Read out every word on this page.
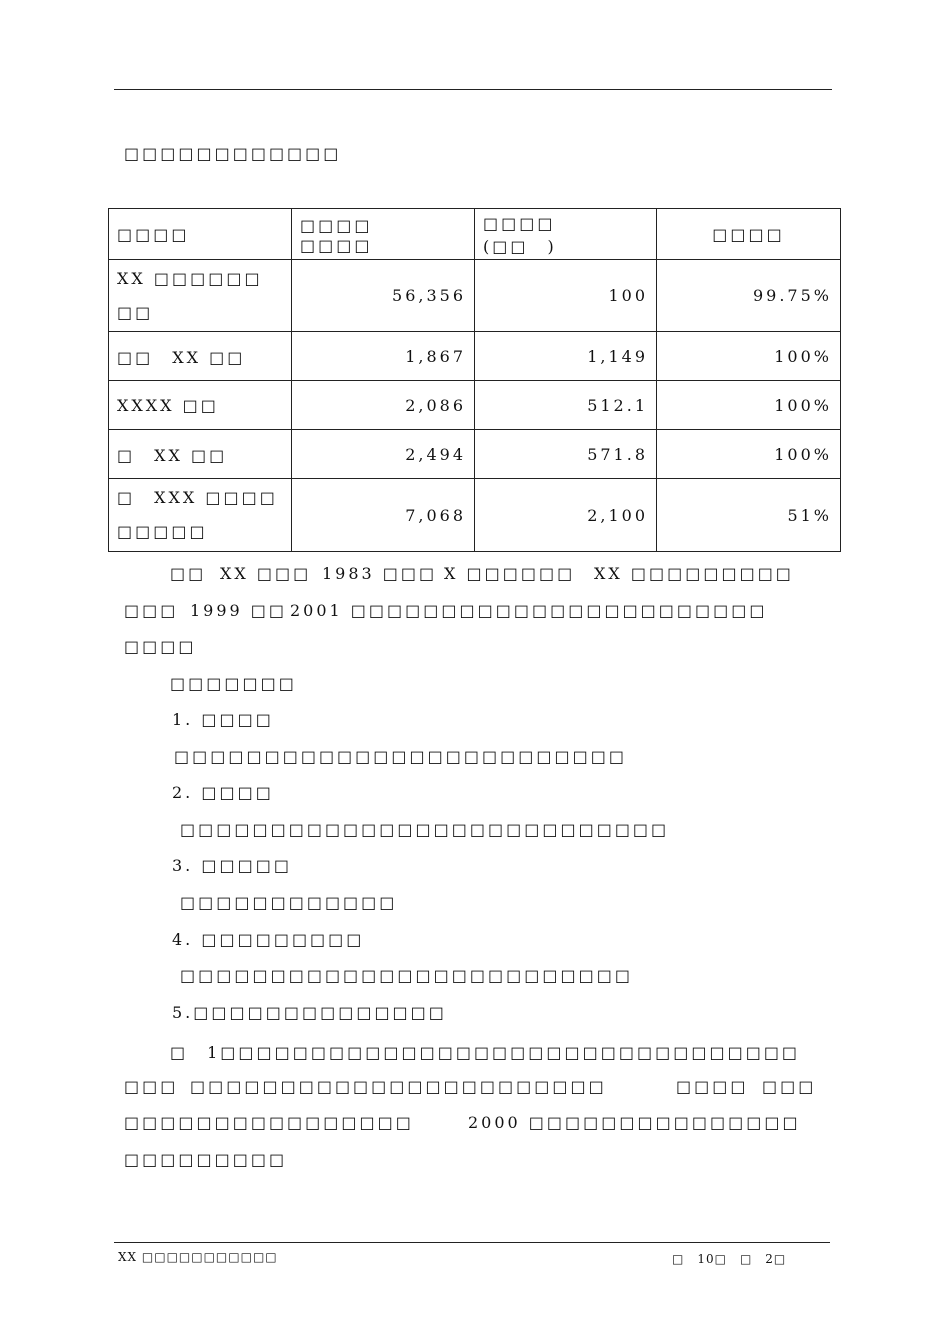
□□□□□□□□□□□□
□□□□	□□□□　　□□□□	□□□□　　(□□　)	□□□□

XX □□□□□□
□□	56,356	100	99.75%
□□　XX □□	1,867	1,149	100%
XXXX □□	2,086	512.1	100%
□　XX □□	2,494	571.8	100%

□　XXX □□□□
□□□□□	7,068	2,100	51%
□□ XX □□□ 1983 □□□ X □□□□□□ XX □□□□□□□□□
□□□ 1999 □□ 2001 □□□□□□□□□□□□□□□□□□□□□□□
□□□□
□□□□□□□
1. □□□□
□□□□□□□□□□□□□□□□□□□□□□□□□
2. □□□□
□□□□□□□□□□□□□□□□□□□□□□□□□□□
3. □□□□□
□□□□□□□□□□□□
4. □□□□□□□□□
□□□□□□□□□□□□□□□□□□□□□□□□□
5.□□□□□□□□□□□□□□
□　1□□□□□□□□□□□□□□□□□□□□□□□□□□□□□□□□
□□□ □□□□□□□□□□□□□□□□□□□□□□□	□□□□ □□□
□□□□□□□□□□□□□□□□	2000 □□□□□□□□□□□□□□□
□□□□□□□□□
XX □□□□□□□□□□□	□　10□　□　2□
